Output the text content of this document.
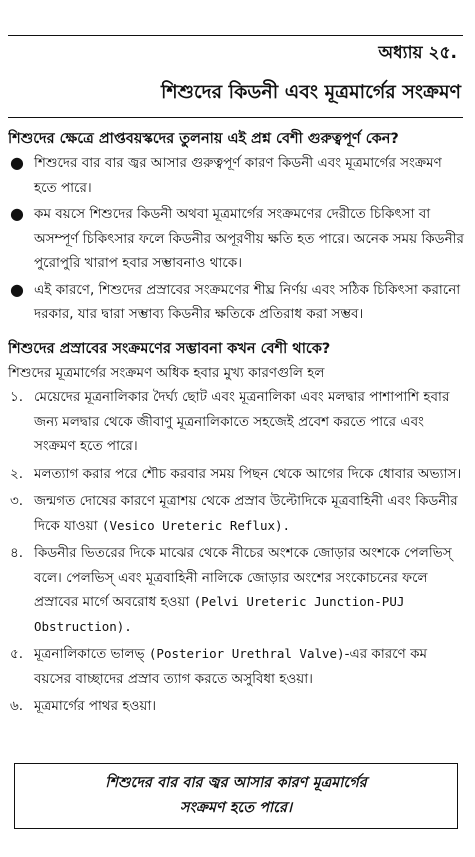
অধ্যায় ২৫.
শিশুদের কিডনী এবং মূত্রমার্গের সংক্রমণ
শিশুদের ক্ষেত্রে প্রাপ্তবয়স্কদের তুলনায় এই প্রশ্ন বেশী গুরুত্বপূর্ণ কেন?
● শিশুদের বার বার জ্বর আসার গুরুত্বপূর্ণ কারণ কিডনী এবং মূত্রমার্গের সংক্রমণ হতে পারে।
● কম বয়সে শিশুদের কিডনী অথবা মূত্রমার্গের সংক্রমণের দেরীতে চিকিৎসা বা অসম্পূর্ণ চিকিৎসার ফলে কিডনীর অপূরণীয় ক্ষতি হত পারে। অনেক সময় কিডনীর পুরোপুরি খারাপ হবার সম্ভাবনাও থাকে।
● এই কারণে, শিশুদের প্রস্রাবের সংক্রমণের শীঘ্র নির্ণয় এবং সঠিক চিকিৎসা করানো দরকার, যার দ্বারা সম্ভাব্য কিডনীর ক্ষতিকে প্রতিরাধ করা সম্ভব।
শিশুদের প্রস্রাবের সংক্রমণের সম্ভাবনা কখন বেশী থাকে?

শিশুদের মূত্রমার্গের সংক্রমণ অধিক হবার মুখ্য কারণগুলি হল

১. মেয়েদের মূত্রনালিকার দৈর্ঘ্য ছোট এবং মূত্রনালিকা এবং মলদ্বার পাশাপাশি হবার জন্য মলদ্বার থেকে জীবাণু মূত্রনালিকাতে সহজেই প্রবেশ করতে পারে এবং সংক্রমণ হতে পারে।
২. মলত্যাগ করার পরে শৌচ করবার সময় পিছন থেকে আগের দিকে ধোবার অভ্যাস।
৩. জন্মগত দোষের কারণে মূত্রাশয় থেকে প্রস্রাব উল্টোদিকে মূত্রবাহিনী এবং কিডনীর দিকে যাওয়া (Vesico Ureteric Reflux).
৪. কিডনীর ভিতরের দিকে মাঝের থেকে নীচের অংশকে জোড়ার অংশকে পেলভিস্ বলে। পেলভিস্ এবং মূত্রবাহিনী নালিকে জোড়ার অংশের সংকোচনের ফলে প্রস্রাবের মার্গে অবরোধ হওয়া (Pelvi Ureteric Junction-PUJ Obstruction).
৫. মূত্রনালিকাতে ভালভ্ (Posterior Urethral Valve)-এর কারণে কম বয়সের বাচ্ছাদের প্রস্রাব ত্যাগ করতে অসুবিধা হওয়া।
৬. মূত্রমার্গের পাথর হওয়া।
শিশুদের বার বার জ্বর আসার কারণ মূত্রমার্গের
সংক্রমণ হতে পারে।
